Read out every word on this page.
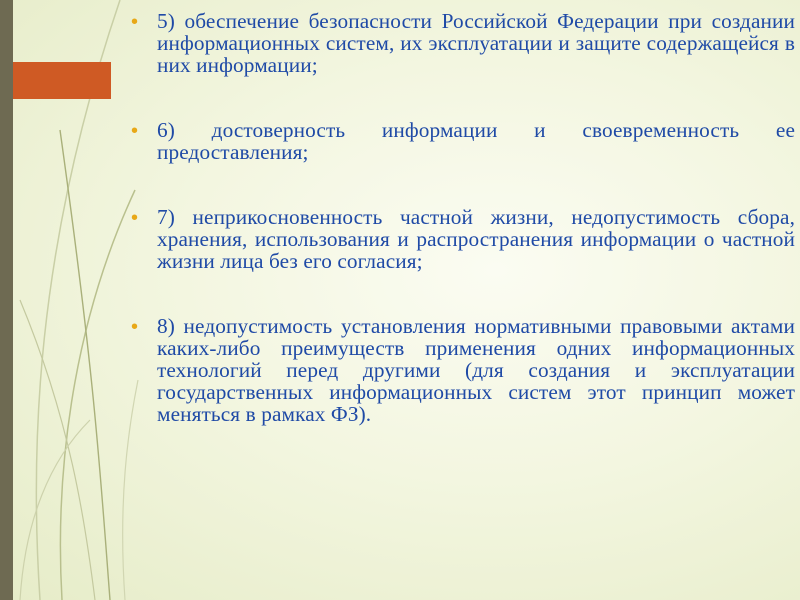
• 5) обеспечение безопасности Российской Федерации при создании информационных систем, их эксплуатации и защите содержащейся в них информации;
• 6) достоверность информации и своевременность ее предоставления;
• 7) неприкосновенность частной жизни, недопустимость сбора, хранения, использования и распространения информации о частной жизни лица без его согласия;
• 8) недопустимость установления нормативными правовыми актами каких-либо преимуществ применения одних информационных технологий перед другими (для создания и эксплуатации государственных информационных систем этот принцип может меняться в рамках ФЗ).
